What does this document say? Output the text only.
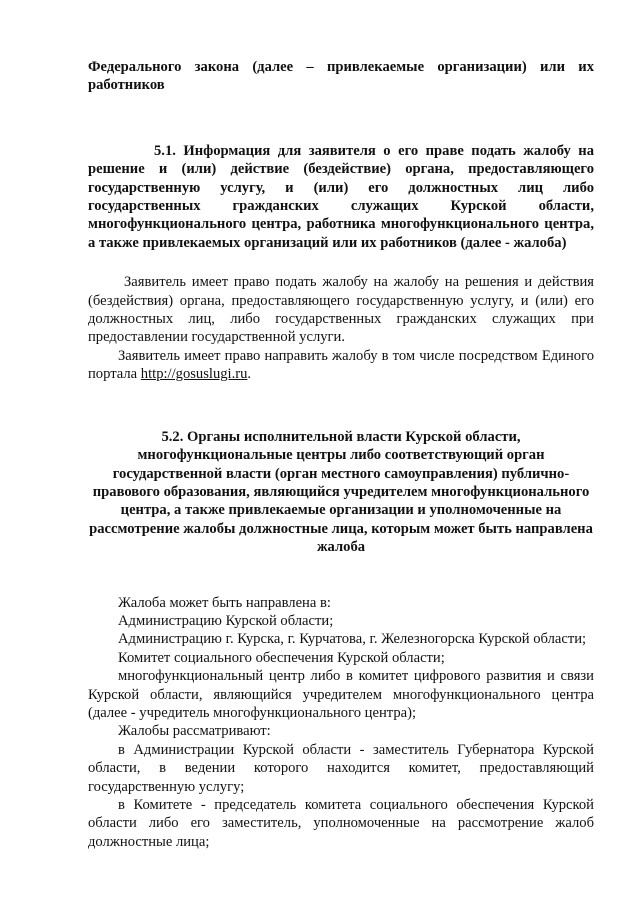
Федерального закона (далее – привлекаемые организации) или их работников

5.1. Информация для заявителя о его праве подать жалобу на решение и (или) действие (бездействие) органа, предоставляющего государственную услугу, и (или) его должностных лиц либо государственных гражданских служащих Курской области, многофункционального центра, работника многофункционального центра, а также привлекаемых организаций или их работников (далее - жалоба)

Заявитель имеет право подать жалобу на жалобу на решения и действия (бездействия) органа, предоставляющего государственную услугу, и (или) его должностных лиц, либо государственных гражданских служащих при предоставлении государственной услуги.

Заявитель имеет право направить жалобу в том числе посредством Единого портала http://gosuslugi.ru.

5.2. Органы исполнительной власти Курской области, многофункциональные центры либо соответствующий орган государственной власти (орган местного самоуправления) публично-правового образования, являющийся учредителем многофункционального центра, а также привлекаемые организации и уполномоченные на рассмотрение жалобы должностные лица, которым может быть направлена жалоба

Жалоба может быть направлена в:

Администрацию Курской области;

Администрацию г. Курска, г. Курчатова, г. Железногорска Курской области;

Комитет социального обеспечения Курской области;

многофункциональный центр либо в комитет цифрового развития и связи Курской области, являющийся учредителем многофункционального центра (далее - учредитель многофункционального центра);

Жалобы рассматривают:

в Администрации Курской области - заместитель Губернатора Курской области, в ведении которого находится комитет, предоставляющий государственную услугу;

в Комитете - председатель комитета социального обеспечения Курской области либо его заместитель, уполномоченные на рассмотрение жалоб должностные лица;
